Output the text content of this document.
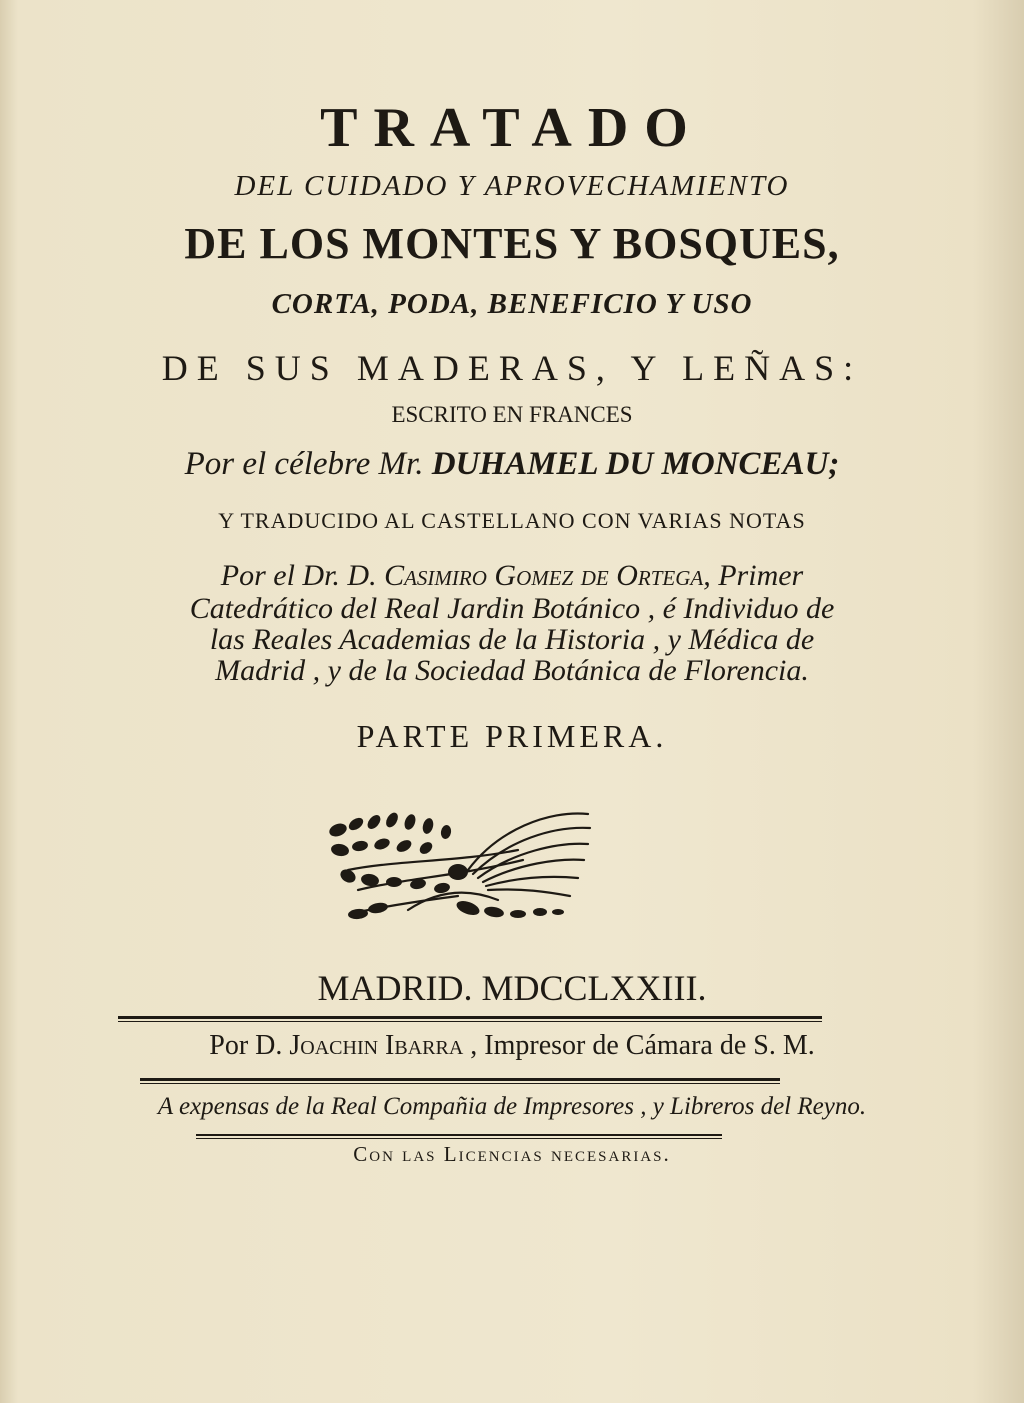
TRATADO
DEL CUIDADO Y APROVECHAMIENTO
DE LOS MONTES Y BOSQUES,
CORTA, PODA, BENEFICIO Y USO
DE SUS MADERAS, Y LEÑAS:
ESCRITO EN FRANCES
Por el célebre Mr. DUHAMEL DU MONCEAU;
Y TRADUCIDO AL CASTELLANO CON VARIAS NOTAS
Por el Dr. D. Casimiro Gomez de Ortega, Primer
Catedrático del Real Jardin Botánico , é Individuo de
las Reales Academias de la Historia , y Médica de
Madrid , y de la Sociedad Botánica de Florencia.
PARTE PRIMERA.
MADRID. MDCCLXXIII.
Por D. Joachin Ibarra , Impresor de Cámara de S. M.
A expensas de la Real Compañia de Impresores , y Libreros del Reyno.
Con las Licencias necesarias.
